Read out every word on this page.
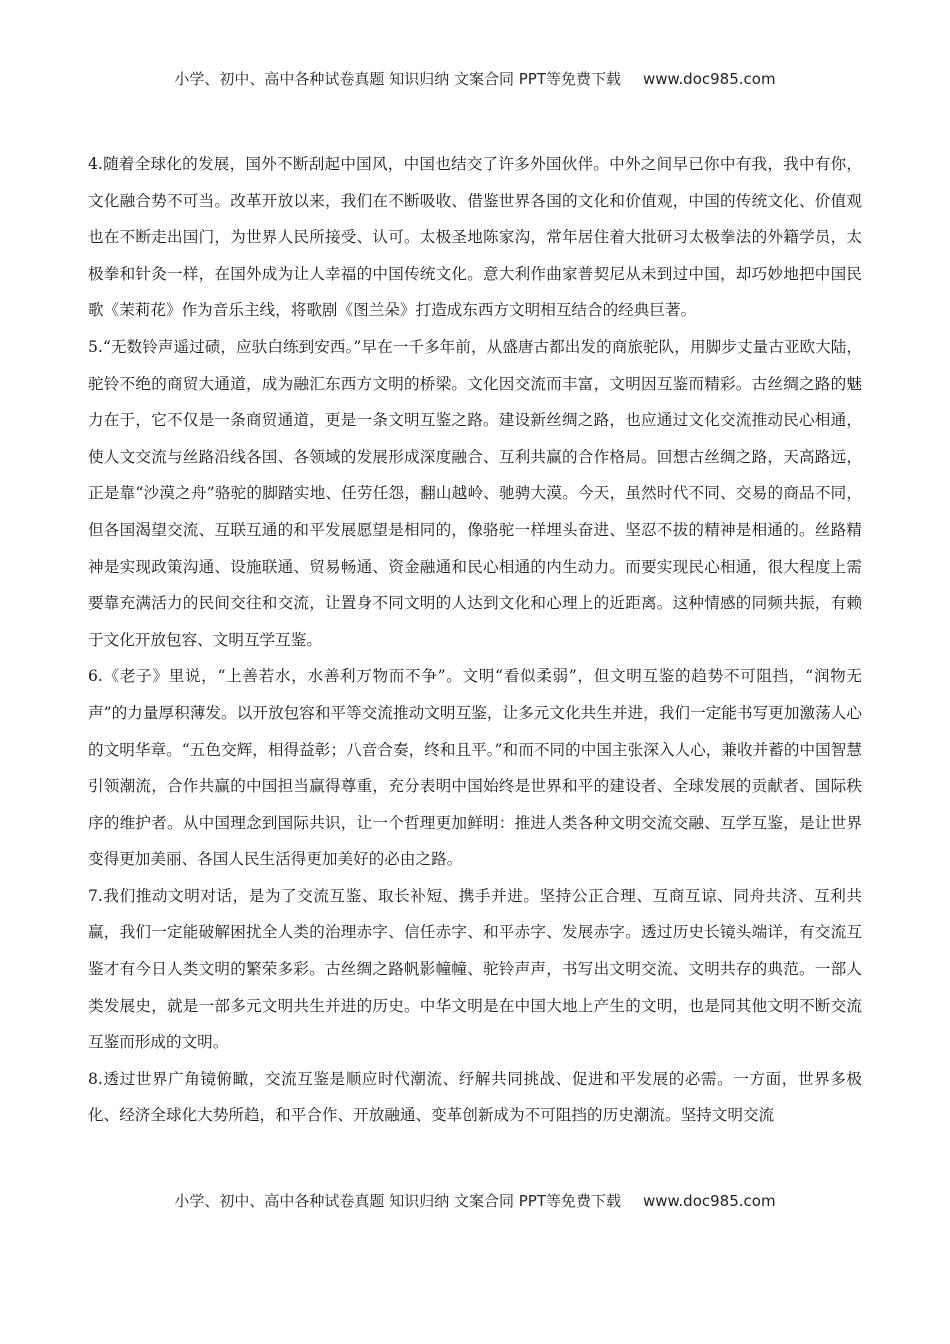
小学、初中、高中各种试卷真题 知识归纳 文案合同 PPT等免费下载 www.doc985.com

4.随着全球化的发展，国外不断刮起中国风，中国也结交了许多外国伙伴。中外之间早已你中有我，我中有你，文化融合势不可当。改革开放以来，我们在不断吸收、借鉴世界各国的文化和价值观，中国的传统文化、价值观也在不断走出国门，为世界人民所接受、认可。太极圣地陈家沟，常年居住着大批研习太极拳法的外籍学员，太极拳和针灸一样，在国外成为让人幸福的中国传统文化。意大利作曲家普契尼从未到过中国，却巧妙地把中国民歌《茉莉花》作为音乐主线，将歌剧《图兰朵》打造成东西方文明相互结合的经典巨著。

5.“无数铃声遥过碛，应驮白练到安西。”早在一千多年前，从盛唐古都出发的商旅驼队，用脚步丈量古亚欧大陆，驼铃不绝的商贸大通道，成为融汇东西方文明的桥梁。文化因交流而丰富，文明因互鉴而精彩。古丝绸之路的魅力在于，它不仅是一条商贸通道，更是一条文明互鉴之路。建设新丝绸之路，也应通过文化交流推动民心相通，使人文交流与丝路沿线各国、各领域的发展形成深度融合、互利共赢的合作格局。回想古丝绸之路，天高路远，正是靠“沙漠之舟”骆驼的脚踏实地、任劳任怨，翻山越岭、驰骋大漠。今天，虽然时代不同、交易的商品不同，但各国渴望交流、互联互通的和平发展愿望是相同的，像骆驼一样埋头奋进、坚忍不拔的精神是相通的。丝路精神是实现政策沟通、设施联通、贸易畅通、资金融通和民心相通的内生动力。而要实现民心相通，很大程度上需要靠充满活力的民间交往和交流，让置身不同文明的人达到文化和心理上的近距离。这种情感的同频共振，有赖于文化开放包容、文明互学互鉴。

6.《老子》里说，“上善若水，水善利万物而不争”。文明“看似柔弱”，但文明互鉴的趋势不可阻挡，“润物无声”的力量厚积薄发。以开放包容和平等交流推动文明互鉴，让多元文化共生并进，我们一定能书写更加激荡人心的文明华章。“五色交辉，相得益彰；八音合奏，终和且平。”和而不同的中国主张深入人心，兼收并蓄的中国智慧引领潮流，合作共赢的中国担当赢得尊重，充分表明中国始终是世界和平的建设者、全球发展的贡献者、国际秩序的维护者。从中国理念到国际共识，让一个哲理更加鲜明：推进人类各种文明交流交融、互学互鉴，是让世界变得更加美丽、各国人民生活得更加美好的必由之路。

7.我们推动文明对话，是为了交流互鉴、取长补短、携手并进。坚持公正合理、互商互谅、同舟共济、互利共赢，我们一定能破解困扰全人类的治理赤字、信任赤字、和平赤字、发展赤字。透过历史长镜头端详，有交流互鉴才有今日人类文明的繁荣多彩。古丝绸之路帆影幢幢、驼铃声声，书写出文明交流、文明共存的典范。一部人类发展史，就是一部多元文明共生并进的历史。中华文明是在中国大地上产生的文明，也是同其他文明不断交流互鉴而形成的文明。

8.透过世界广角镜俯瞰，交流互鉴是顺应时代潮流、纾解共同挑战、促进和平发展的必需。一方面，世界多极化、经济全球化大势所趋，和平合作、开放融通、变革创新成为不可阻挡的历史潮流。坚持文明交流

小学、初中、高中各种试卷真题 知识归纳 文案合同 PPT等免费下载 www.doc985.com
